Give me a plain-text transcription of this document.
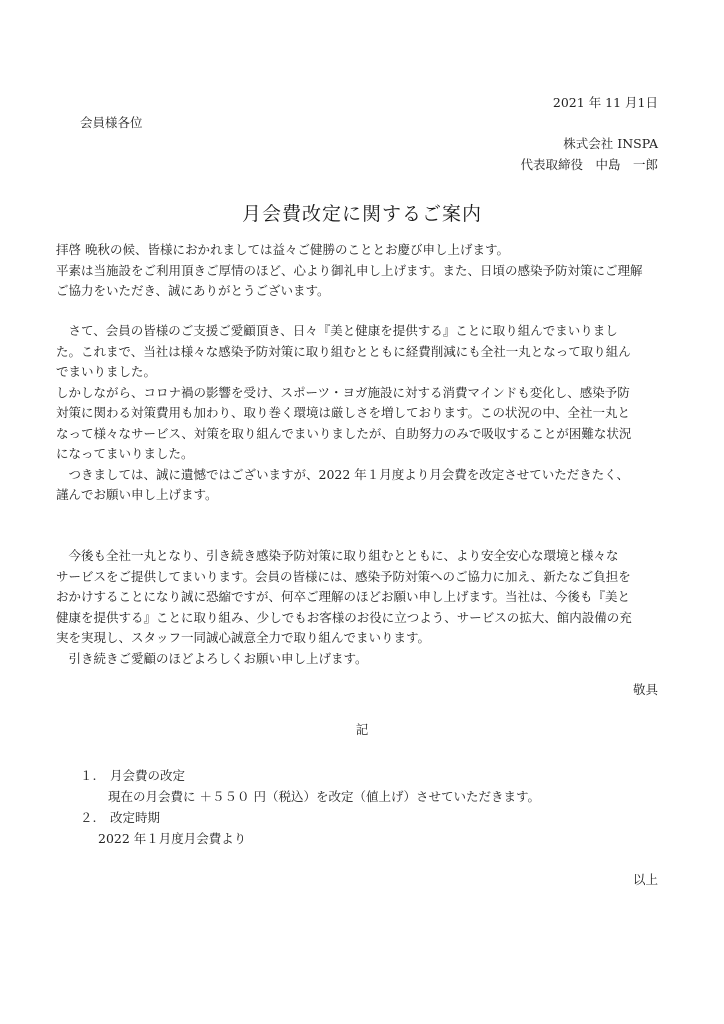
2021 年 11 月1日
会員様各位
株式会社 INSPA
代表取締役　中島　一郎
月会費改定に関するご案内
拝啓 晩秋の候、皆様におかれましては益々ご健勝のこととお慶び申し上げます。
平素は当施設をご利用頂きご厚情のほど、心より御礼申し上げます。また、日頃の感染予防対策にご理解
ご協力をいただき、誠にありがとうございます。
　さて、会員の皆様のご支援ご愛顧頂き、日々『美と健康を提供する』ことに取り組んでまいりまし
た。これまで、当社は様々な感染予防対策に取り組むとともに経費削減にも全社一丸となって取り組ん
でまいりました。
しかしながら、コロナ禍の影響を受け、スポーツ・ヨガ施設に対する消費マインドも変化し、感染予防
対策に関わる対策費用も加わり、取り巻く環境は厳しさを増しております。この状況の中、全社一丸と
なって様々なサービス、対策を取り組んでまいりましたが、自助努力のみで吸収することが困難な状況
になってまいりました。
　つきましては、誠に遺憾ではございますが、2022 年１月度より月会費を改定させていただきたく、
謹んでお願い申し上げます。
　今後も全社一丸となり、引き続き感染予防対策に取り組むとともに、より安全安心な環境と様々な
サービスをご提供してまいります。会員の皆様には、感染予防対策へのご協力に加え、新たなご負担を
おかけすることになり誠に恐縮ですが、何卒ご理解のほどお願い申し上げます。当社は、今後も『美と
健康を提供する』ことに取り組み、少しでもお客様のお役に立つよう、サービスの拡大、館内設備の充
実を実現し、スタッフ一同誠心誠意全力で取り組んでまいります。
　引き続きご愛顧のほどよろしくお願い申し上げます。
敬具
記
１. 月会費の改定
現在の月会費に ＋５５０ 円（税込）を改定（値上げ）させていただきます。
２. 改定時期
2022 年１月度月会費より
以上
